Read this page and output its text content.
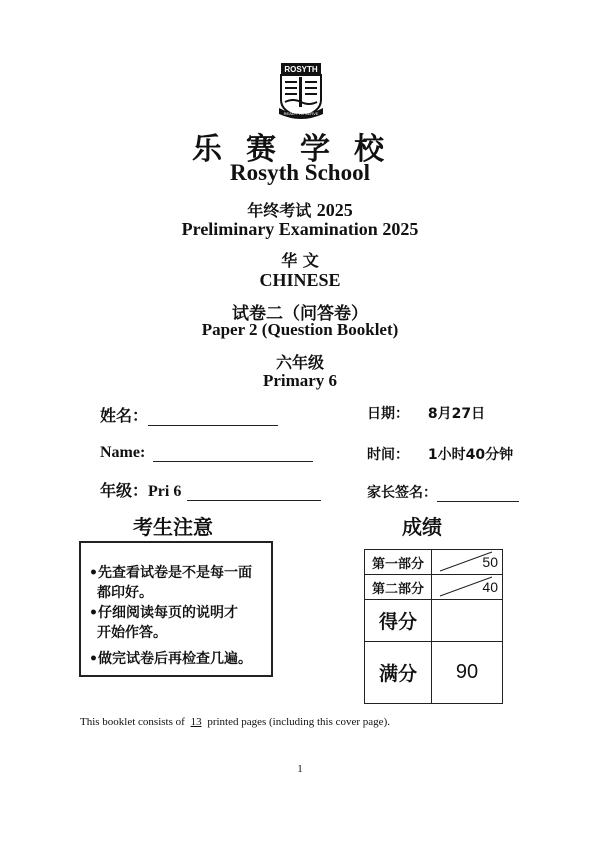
ROSYTH
READY TO SERVE
乐赛学校
Rosyth School
年终考试 2025
Preliminary Examination 2025
华 文
CHINESE
试卷二（问答卷）
Paper 2 (Question Booklet)
六年级
Primary 6
姓名：	日期： 8月27日
Name:	时间： 1小时40分钟
年级：Pri 6	家长签名：
考生注意
•先查看试卷是不是每一面
都印好。
•仔细阅读每页的说明才
开始作答。
•做完试卷后再检查几遍。
成绩
第一部分	50
第二部分	40
得分	
满分	90
This booklet consists of 13 printed pages (including this cover page).
1
